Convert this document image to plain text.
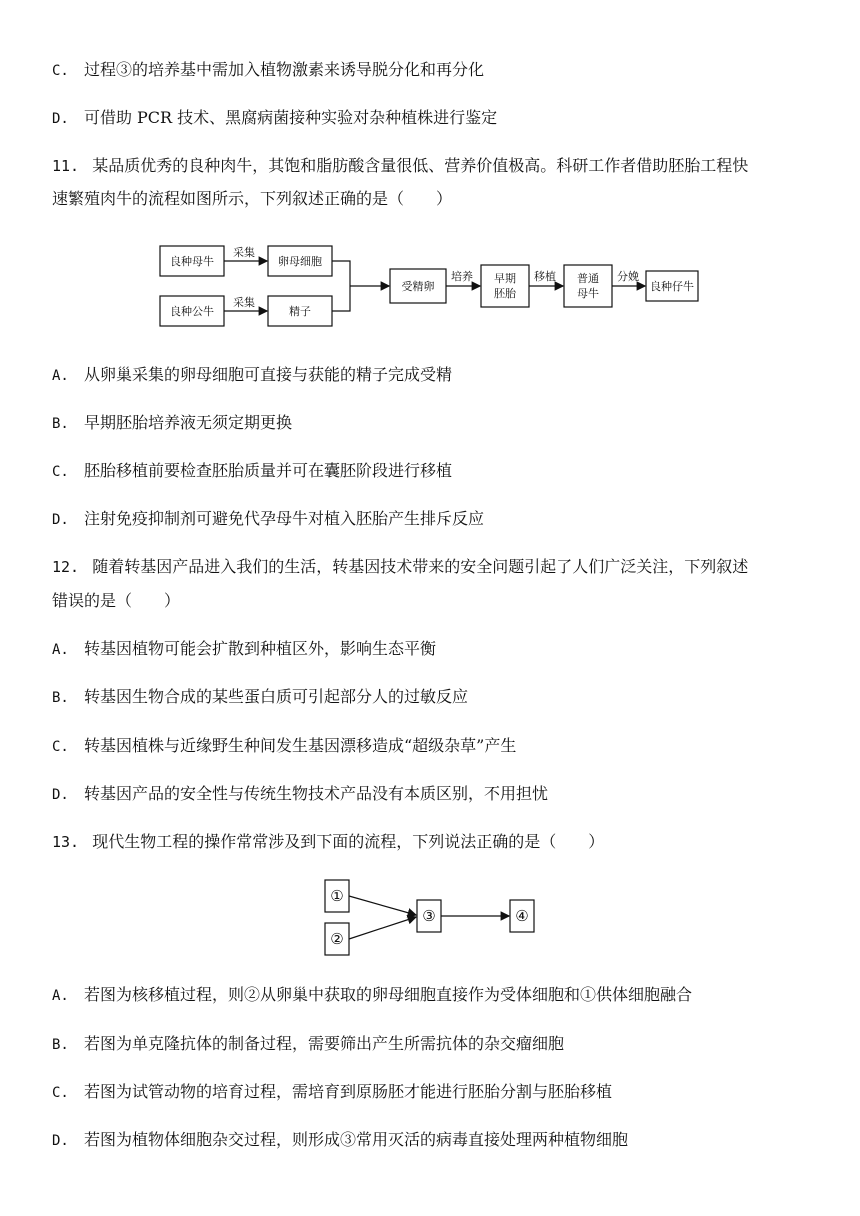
C. 过程③的培养基中需加入植物激素来诱导脱分化和再分化
D. 可借助 PCR 技术、黑腐病菌接种实验对杂种植株进行鉴定
11. 某品质优秀的良种肉牛，其饱和脂肪酸含量很低、营养价值极高。科研工作者借助胚胎工程快
速繁殖肉牛的流程如图所示，下列叙述正确的是（　　）
良种母牛
良种公牛
采集
采集
卵母细胞
精子
受精卵
培养 早期
胚胎
移植 普通
母牛
分娩
良种仔牛
A. 从卵巢采集的卵母细胞可直接与获能的精子完成受精
B. 早期胚胎培养液无须定期更换
C. 胚胎移植前要检查胚胎质量并可在囊胚阶段进行移植
D. 注射免疫抑制剂可避免代孕母牛对植入胚胎产生排斥反应
12. 随着转基因产品进入我们的生活，转基因技术带来的安全问题引起了人们广泛关注，下列叙述
错误的是（　　）
A. 转基因植物可能会扩散到种植区外，影响生态平衡
B. 转基因生物合成的某些蛋白质可引起部分人的过敏反应
C. 转基因植株与近缘野生种间发生基因漂移造成“超级杂草”产生
D. 转基因产品的安全性与传统生物技术产品没有本质区别，不用担忧
13. 现代生物工程的操作常常涉及到下面的流程，下列说法正确的是（　　）
①
②
③	④
A. 若图为核移植过程，则②从卵巢中获取的卵母细胞直接作为受体细胞和①供体细胞融合
B. 若图为单克隆抗体的制备过程，需要筛出产生所需抗体的杂交瘤细胞
C. 若图为试管动物的培育过程，需培育到原肠胚才能进行胚胎分割与胚胎移植
D. 若图为植物体细胞杂交过程，则形成③常用灭活的病毒直接处理两种植物细胞
